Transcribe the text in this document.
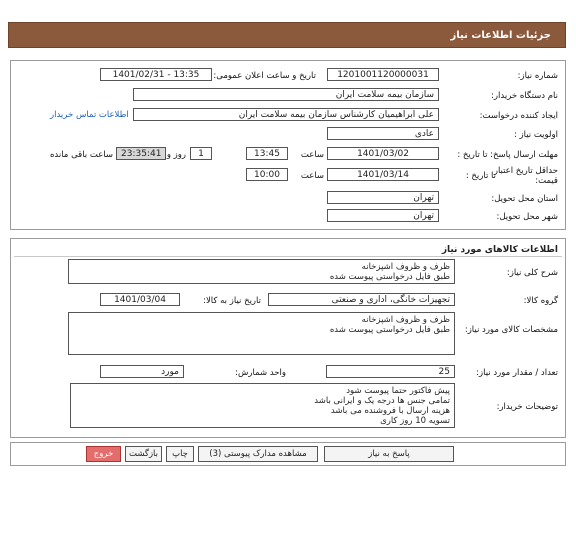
جزئیات اطلاعات نیاز
شماره نیاز:
1201001120000031
تاریخ و ساعت اعلان عمومی:
1401/02/31 - 13:35
نام دستگاه خریدار:
سازمان بیمه سلامت ایران
ایجاد کننده درخواست:
علی ابراهیمیان کارشناس سازمان بیمه سلامت ایران
اطلاعات تماس خریدار
اولویت نیاز :
عادی
مهلت ارسال پاسخ: تا تاریخ :
1401/03/02
ساعت
13:45
1
روز و
23:35:41
ساعت باقی مانده
حداقل تاریخ اعتبار
قیمت:
تا تاریخ :
1401/03/14
ساعت
10:00
استان محل تحویل:
تهران
شهر محل تحویل:
تهران
اطلاعات کالاهای مورد نیاز
شرح کلی نیاز:
ظرف و ظروف اشپزخانه
طبق فایل درخواستی پیوست شده
گروه کالا:
تجهیزات خانگی، اداری و صنعتی
تاریخ نیاز به کالا:
1401/03/04
مشخصات کالای مورد نیاز:
ظرف و ظروف اشپزخانه
طبق فایل درخواستی پیوست شده
تعداد / مقدار مورد نیاز:
25
واحد شمارش:
مورد
توضیحات خریدار:
پیش فاکتور حتما پیوست شود
تمامی جنس ها درجه یک و ایرانی باشد
هزینه ارسال با فروشنده می باشد
تسویه 10 روز کاری
پاسخ به نیاز
مشاهده مدارک پیوستی (3)
چاپ
بازگشت
خروج
